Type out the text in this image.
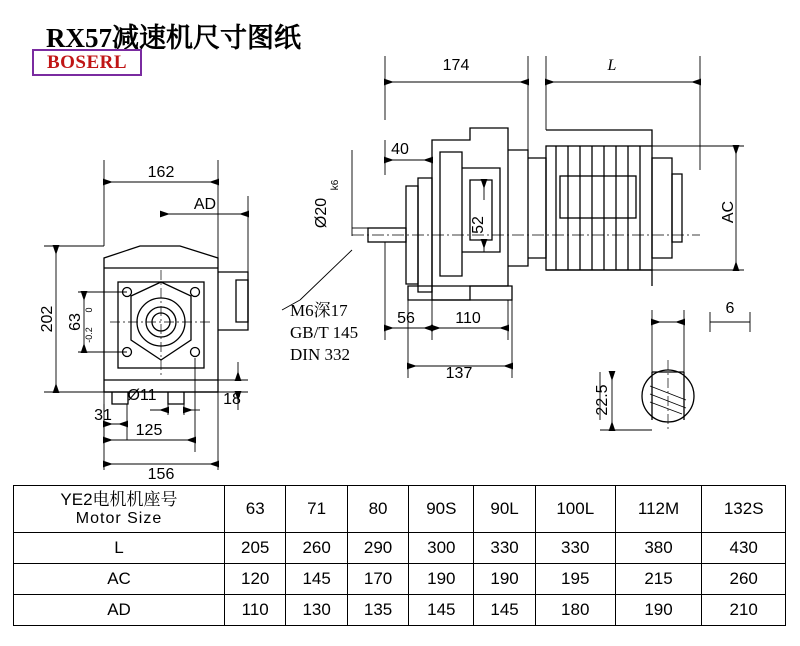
RX57减速机尺寸图纸
BOSERL
162
AD
202 63
0
-0.2
31
125
156
18
Ø11
174	L
40
Ø20
k6
52
AC
56	110
137
M6深17
GB/T 145
DIN 332
6
22.5
YE2电机机座号
Motor Size	63	71	80	90S	90L	100L	112M	132S
L	205	260	290	300	330	330	380	430
AC	120	145	170	190	190	195	215	260
AD	110	130	135	145	145	180	190	210
